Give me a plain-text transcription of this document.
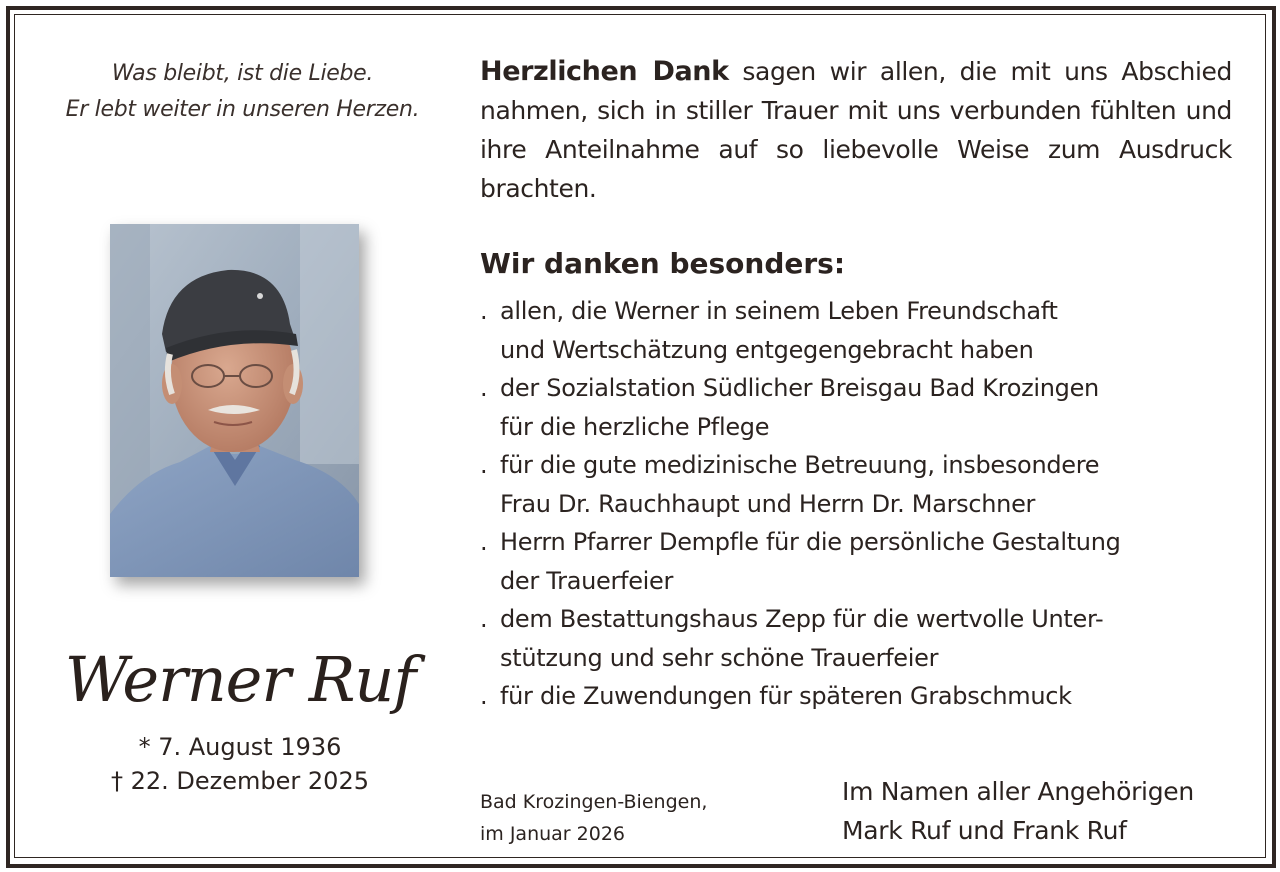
Was bleibt, ist die Liebe.
Er lebt weiter in unseren Herzen.
Werner Ruf
* 7. August 1936
† 22. Dezember 2025
Herzlichen Dank sagen wir allen, die mit uns Abschied nahmen, sich in stiller Trauer mit uns verbunden fühlten und ihre Anteilnahme auf so liebevolle Weise zum Ausdruck brachten.
Wir danken besonders:
. allen, die Werner in seinem Leben Freundschaft
und Wertschätzung entgegengebracht haben
. der Sozialstation Südlicher Breisgau Bad Krozingen
für die herzliche Pflege
. für die gute medizinische Betreuung, insbesondere
Frau Dr. Rauchhaupt und Herrn Dr. Marschner
. Herrn Pfarrer Dempfle für die persönliche Gestaltung
der Trauerfeier
. dem Bestattungshaus Zepp für die wertvolle Unter-
stützung und sehr schöne Trauerfeier
. für die Zuwendungen für späteren Grabschmuck
Bad Krozingen-Biengen,
im Januar 2026
Im Namen aller Angehörigen
Mark Ruf und Frank Ruf
